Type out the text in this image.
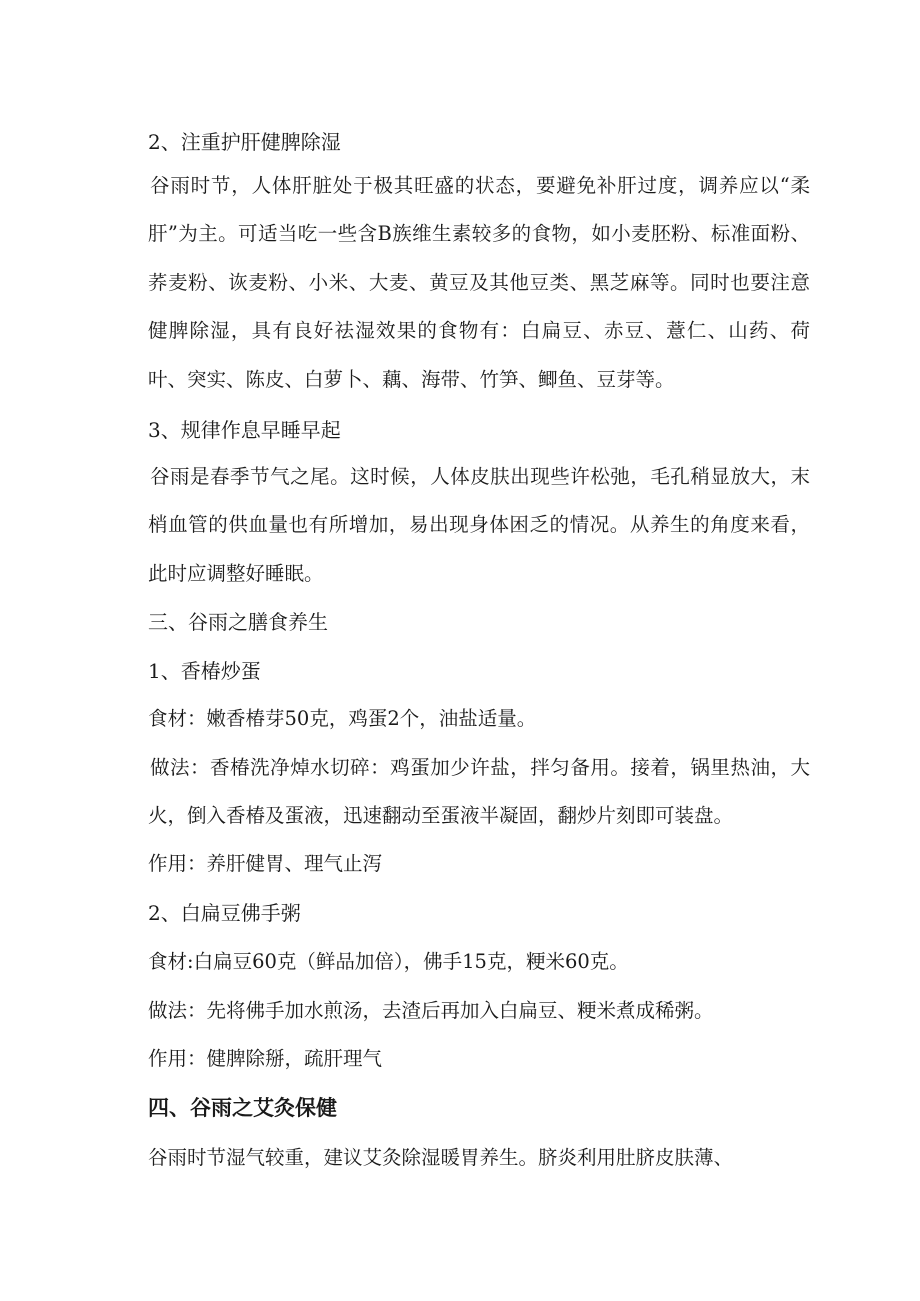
2、注重护肝健脾除湿

谷雨时节，人体肝脏处于极其旺盛的状态，要避免补肝过度，调养应以“柔肝”为主。可适当吃一些含B族维生素较多的食物，如小麦胚粉、标准面粉、荞麦粉、诙麦粉、小米、大麦、黄豆及其他豆类、黑芝麻等。同时也要注意健脾除湿，具有良好祛湿效果的食物有：白扁豆、赤豆、薏仁、山药、荷叶、突实、陈皮、白萝卜、藕、海带、竹笋、鲫鱼、豆芽等。

3、规律作息早睡早起

谷雨是春季节气之尾。这时候，人体皮肤出现些许松弛，毛孔稍显放大，末梢血管的供血量也有所增加，易出现身体困乏的情况。从养生的角度来看，此时应调整好睡眠。

三、谷雨之膳食养生
1、香椿炒蛋
食材：嫩香椿芽50克，鸡蛋2个，油盐适量。

做法：香椿洗净焯水切碎：鸡蛋加少许盐，拌匀备用。接着，锅里热油，大火，倒入香椿及蛋液，迅速翻动至蛋液半凝固，翻炒片刻即可装盘。

作用：养肝健胃、理气止泻
2、白扁豆佛手粥
食材:白扁豆60克（鲜品加倍），佛手15克，粳米60克。
做法：先将佛手加水煎汤，去渣后再加入白扁豆、粳米煮成稀粥。
作用：健脾除掰，疏肝理气
四、谷雨之艾灸保健
谷雨时节湿气较重，建议艾灸除湿暖胃养生。脐炎利用肚脐皮肤薄、
